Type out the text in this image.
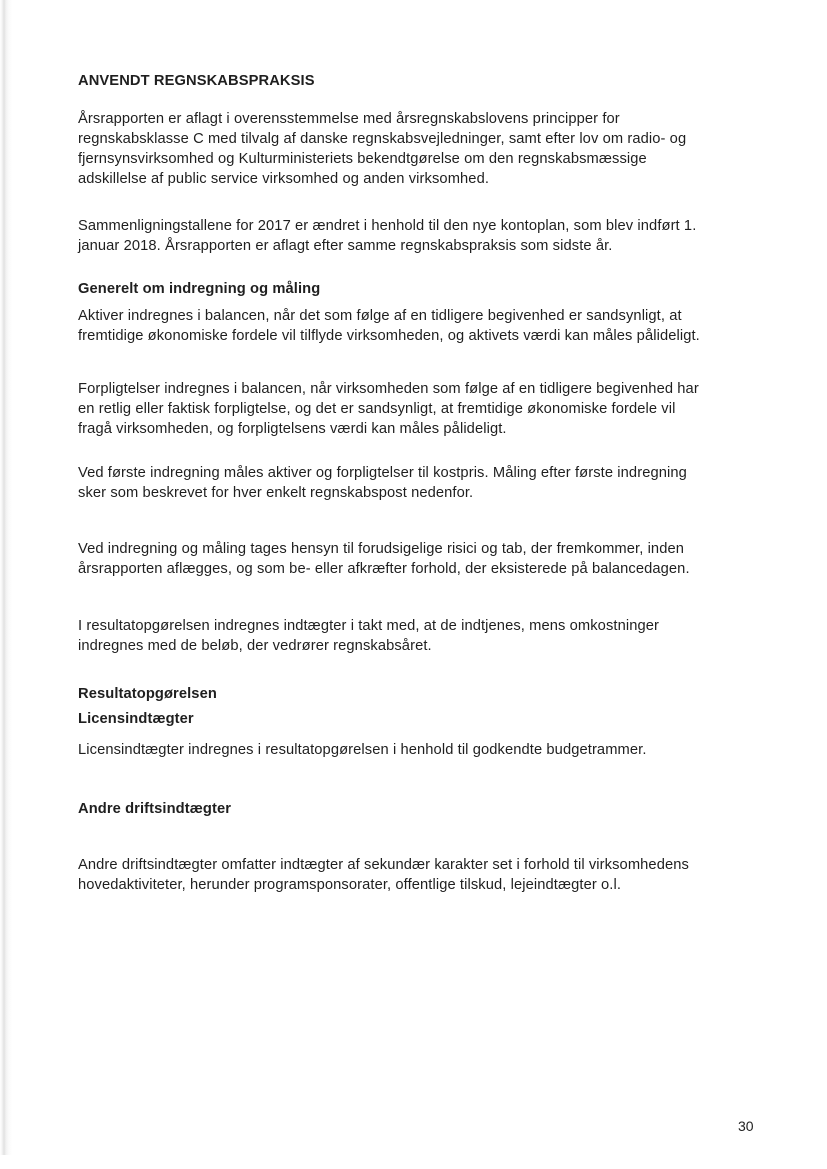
ANVENDT REGNSKABSPRAKSIS

Årsrapporten er aflagt i overensstemmelse med årsregnskabslovens principper for regnskabsklasse C med tilvalg af danske regnskabsvejledninger, samt efter lov om radio- og fjernsynsvirksomhed og Kulturministeriets bekendtgørelse om den regnskabsmæssige adskillelse af public service virksomhed og anden virksomhed.

Sammenligningstallene for 2017 er ændret i henhold til den nye kontoplan, som blev indført 1. januar 2018. Årsrapporten er aflagt efter samme regnskabspraksis som sidste år.

Generelt om indregning og måling

Aktiver indregnes i balancen, når det som følge af en tidligere begivenhed er sandsynligt, at fremtidige økonomiske fordele vil tilflyde virksomheden, og aktivets værdi kan måles pålideligt.

Forpligtelser indregnes i balancen, når virksomheden som følge af en tidligere begivenhed har en retlig eller faktisk forpligtelse, og det er sandsynligt, at fremtidige økonomiske fordele vil fragå virksomheden, og forpligtelsens værdi kan måles pålideligt.

Ved første indregning måles aktiver og forpligtelser til kostpris. Måling efter første indregning sker som beskrevet for hver enkelt regnskabspost nedenfor.

Ved indregning og måling tages hensyn til forudsigelige risici og tab, der fremkommer, inden årsrapporten aflægges, og som be- eller afkræfter forhold, der eksisterede på balancedagen.

I resultatopgørelsen indregnes indtægter i takt med, at de indtjenes, mens omkostninger indregnes med de beløb, der vedrører regnskabsåret.

Resultatopgørelsen
Licensindtægter

Licensindtægter indregnes i resultatopgørelsen i henhold til godkendte budgetrammer.

Andre driftsindtægter

Andre driftsindtægter omfatter indtægter af sekundær karakter set i forhold til virksomhedens hovedaktiviteter, herunder programsponsorater, offentlige tilskud, lejeindtægter o.l.

30
